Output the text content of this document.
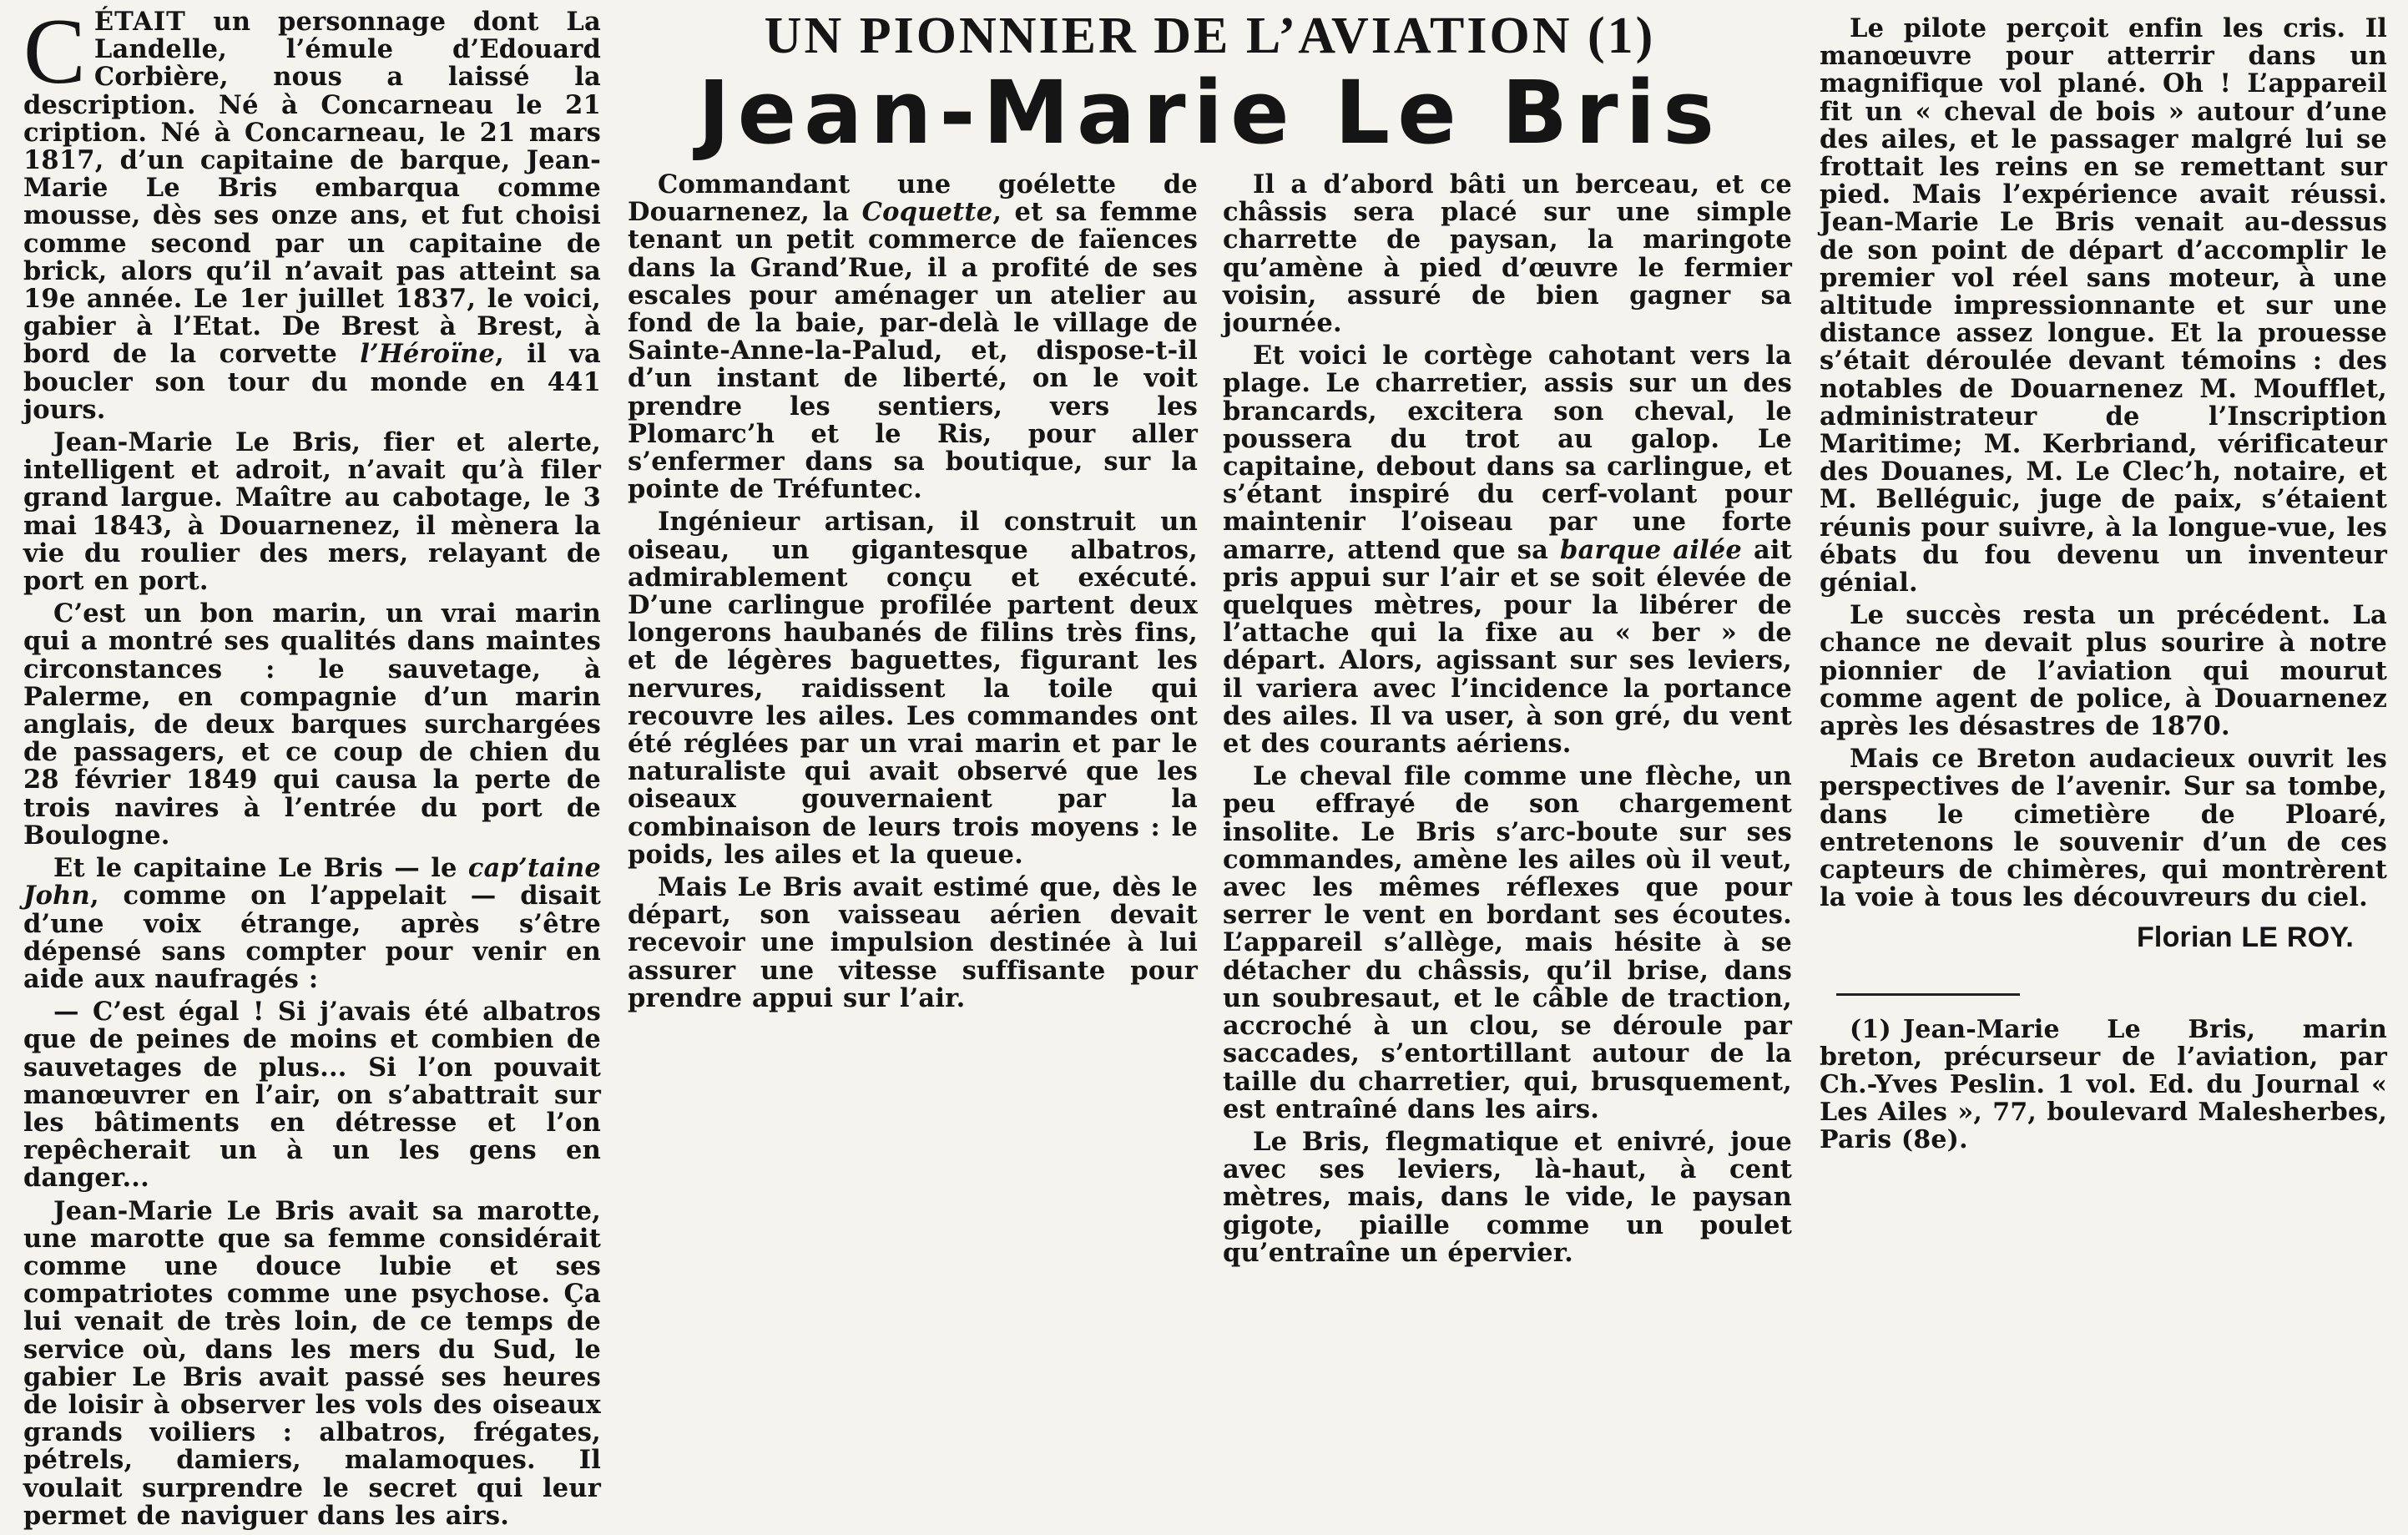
UN PIONNIER DE L’AVIATION (1)
Jean-Marie Le Bris

CÉTAIT un personnage dont La Landelle, l’émule d’Edouard Corbière, nous a laissé la description. Né à Concarneau le 21 cription. Né à Concarneau, le 21 mars 1817, d’un capitaine de barque, Jean-Marie Le Bris embarqua comme mousse, dès ses onze ans, et fut choisi comme second par un capitaine de brick, alors qu’il n’avait pas atteint sa 19e année. Le 1er juillet 1837, le voici, gabier à l’Etat. De Brest à Brest, à bord de la corvette l’Héroïne, il va boucler son tour du monde en 441 jours.

Jean-Marie Le Bris, fier et alerte, intelligent et adroit, n’avait qu’à filer grand largue. Maître au cabotage, le 3 mai 1843, à Douarnenez, il mènera la vie du roulier des mers, relayant de port en port.

C’est un bon marin, un vrai marin qui a montré ses qualités dans maintes circonstances : le sauvetage, à Palerme, en compagnie d’un marin anglais, de deux barques surchargées de passagers, et ce coup de chien du 28 février 1849 qui causa la perte de trois navires à l’entrée du port de Boulogne.

Et le capitaine Le Bris — le cap’taine John, comme on l’appelait — disait d’une voix étrange, après s’être dépensé sans compter pour venir en aide aux naufragés :

— C’est égal ! Si j’avais été albatros que de peines de moins et combien de sauvetages de plus... Si l’on pouvait manœuvrer en l’air, on s’abattrait sur les bâtiments en détresse et l’on repêcherait un à un les gens en danger...

Jean-Marie Le Bris avait sa marotte, une marotte que sa femme considérait comme une douce lubie et ses compatriotes comme une psychose. Ça lui venait de très loin, de ce temps de service où, dans les mers du Sud, le gabier Le Bris avait passé ses heures de loisir à observer les vols des oiseaux grands voiliers : albatros, frégates, pétrels, damiers, malamoques. Il voulait surprendre le secret qui leur permet de naviguer dans les airs.

Commandant une goélette de Douarnenez, la Coquette, et sa femme tenant un petit commerce de faïences dans la Grand’Rue, il a profité de ses escales pour aménager un atelier au fond de la baie, par-delà le village de Sainte-Anne-la-Palud, et, dispose-t-il d’un instant de liberté, on le voit prendre les sentiers, vers les Plomarc’h et le Ris, pour aller s’enfermer dans sa boutique, sur la pointe de Tréfuntec.

Ingénieur artisan, il construit un oiseau, un gigantesque albatros, admirablement conçu et exécuté. D’une carlingue profilée partent deux longerons haubanés de filins très fins, et de légères baguettes, figurant les nervures, raidissent la toile qui recouvre les ailes. Les commandes ont été réglées par un vrai marin et par le naturaliste qui avait observé que les oiseaux gouvernaient par la combinaison de leurs trois moyens : le poids, les ailes et la queue.

Mais Le Bris avait estimé que, dès le départ, son vaisseau aérien devait recevoir une impulsion destinée à lui assurer une vitesse suffisante pour prendre appui sur l’air.

Il a d’abord bâti un berceau, et ce châssis sera placé sur une simple charrette de paysan, la maringote qu’amène à pied d’œuvre le fermier voisin, assuré de bien gagner sa journée.

Et voici le cortège cahotant vers la plage. Le charretier, assis sur un des brancards, excitera son cheval, le poussera du trot au galop. Le capitaine, debout dans sa carlingue, et s’étant inspiré du cerf-volant pour maintenir l’oiseau par une forte amarre, attend que sa barque ailée ait pris appui sur l’air et se soit élevée de quelques mètres, pour la libérer de l’attache qui la fixe au « ber » de départ. Alors, agissant sur ses leviers, il variera avec l’incidence la portance des ailes. Il va user, à son gré, du vent et des courants aériens.

Le cheval file comme une flèche, un peu effrayé de son chargement insolite. Le Bris s’arc-boute sur ses commandes, amène les ailes où il veut, avec les mêmes réflexes que pour serrer le vent en bordant ses écoutes. L’appareil s’allège, mais hésite à se détacher du châssis, qu’il brise, dans un soubresaut, et le câble de traction, accroché à un clou, se déroule par saccades, s’entortillant autour de la taille du charretier, qui, brusquement, est entraîné dans les airs.

Le Bris, flegmatique et enivré, joue avec ses leviers, là-haut, à cent mètres, mais, dans le vide, le paysan gigote, piaille comme un poulet qu’entraîne un épervier.

Le pilote perçoit enfin les cris. Il manœuvre pour atterrir dans un magnifique vol plané. Oh ! L’appareil fit un « cheval de bois » autour d’une des ailes, et le passager malgré lui se frottait les reins en se remettant sur pied. Mais l’expérience avait réussi. Jean-Marie Le Bris venait au-dessus de son point de départ d’accomplir le premier vol réel sans moteur, à une altitude impressionnante et sur une distance assez longue. Et la prouesse s’était déroulée devant témoins : des notables de Douarnenez M. Moufflet, administrateur de l’Inscription Maritime; M. Kerbriand, vérificateur des Douanes, M. Le Clec’h, notaire, et M. Belléguic, juge de paix, s’étaient réunis pour suivre, à la longue-vue, les ébats du fou devenu un inventeur génial.

Le succès resta un précédent. La chance ne devait plus sourire à notre pionnier de l’aviation qui mourut comme agent de police, à Douarnenez après les désastres de 1870.

Mais ce Breton audacieux ouvrit les perspectives de l’avenir. Sur sa tombe, dans le cimetière de Ploaré, entretenons le souvenir d’un de ces capteurs de chimères, qui montrèrent la voie à tous les découvreurs du ciel.

Florian LE ROY.

(1) Jean-Marie Le Bris, marin breton, précurseur de l’aviation, par Ch.-Yves Peslin. 1 vol. Ed. du Journal « Les Ailes », 77, boulevard Malesherbes, Paris (8e).
